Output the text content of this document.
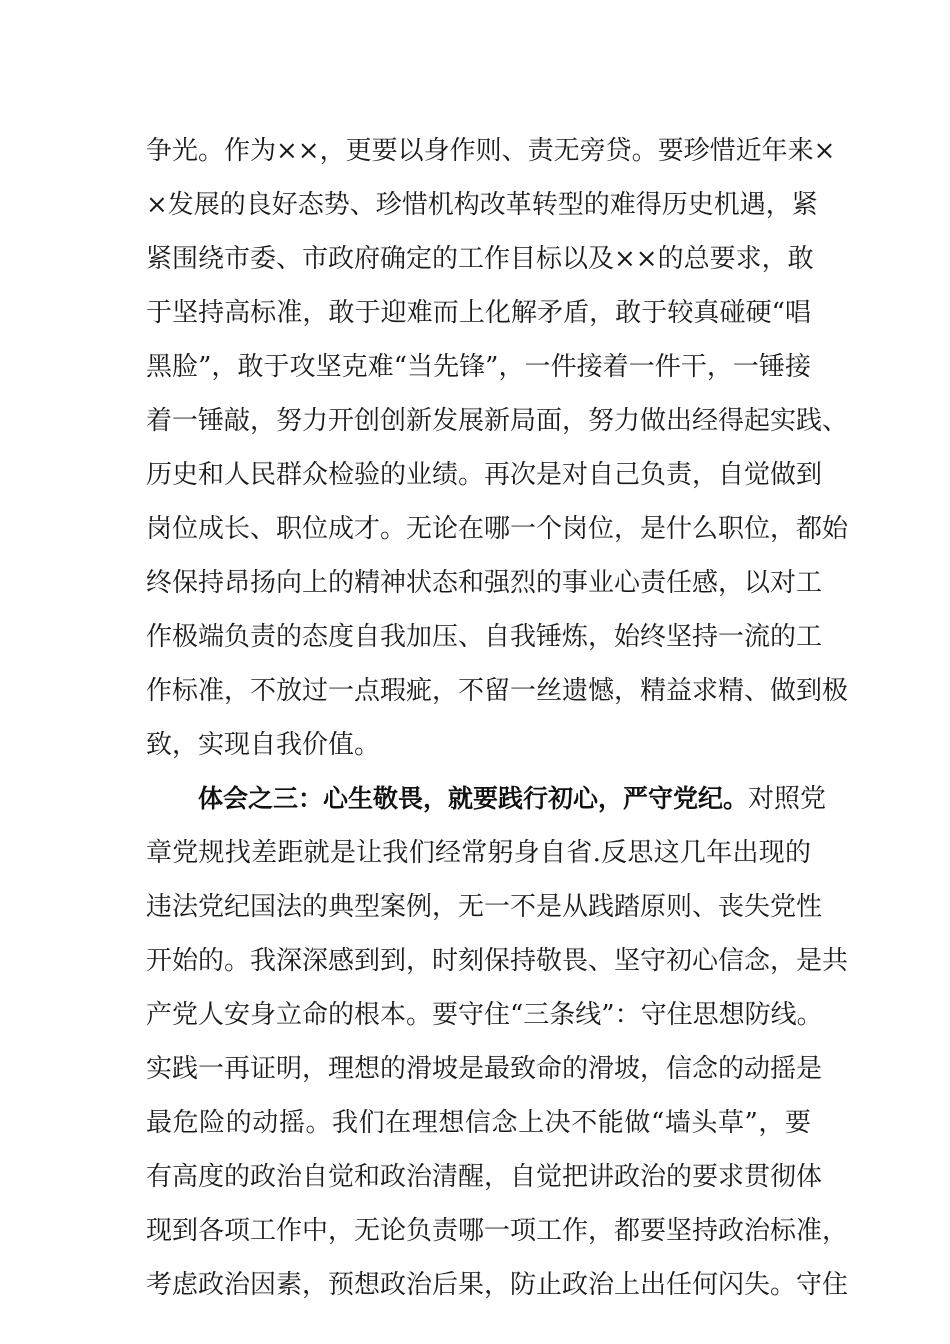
争光。作为××，更要以身作则、责无旁贷。要珍惜近年来×
×发展的良好态势、珍惜机构改革转型的难得历史机遇，紧
紧围绕市委、市政府确定的工作目标以及××的总要求，敢
于坚持高标准，敢于迎难而上化解矛盾，敢于较真碰硬“唱
黑脸”，敢于攻坚克难“当先锋”，一件接着一件干，一锤接
着一锤敲，努力开创创新发展新局面，努力做出经得起实践、
历史和人民群众检验的业绩。再次是对自己负责，自觉做到
岗位成长、职位成才。无论在哪一个岗位，是什么职位，都始
终保持昂扬向上的精神状态和强烈的事业心责任感，以对工
作极端负责的态度自我加压、自我锤炼，始终坚持一流的工
作标准，不放过一点瑕疵，不留一丝遗憾，精益求精、做到极
致，实现自我价值。
体会之三：心生敬畏，就要践行初心，严守党纪。对照党
章党规找差距就是让我们经常躬身自省.反思这几年出现的
违法党纪国法的典型案例，无一不是从践踏原则、丧失党性
开始的。我深深感到到，时刻保持敬畏、坚守初心信念，是共
产党人安身立命的根本。要守住“三条线”：守住思想防线。
实践一再证明，理想的滑坡是最致命的滑坡，信念的动摇是
最危险的动摇。我们在理想信念上决不能做“墙头草”，要
有高度的政治自觉和政治清醒，自觉把讲政治的要求贯彻体
现到各项工作中，无论负责哪一项工作，都要坚持政治标准，
考虑政治因素，预想政治后果，防止政治上出任何闪失。守住
